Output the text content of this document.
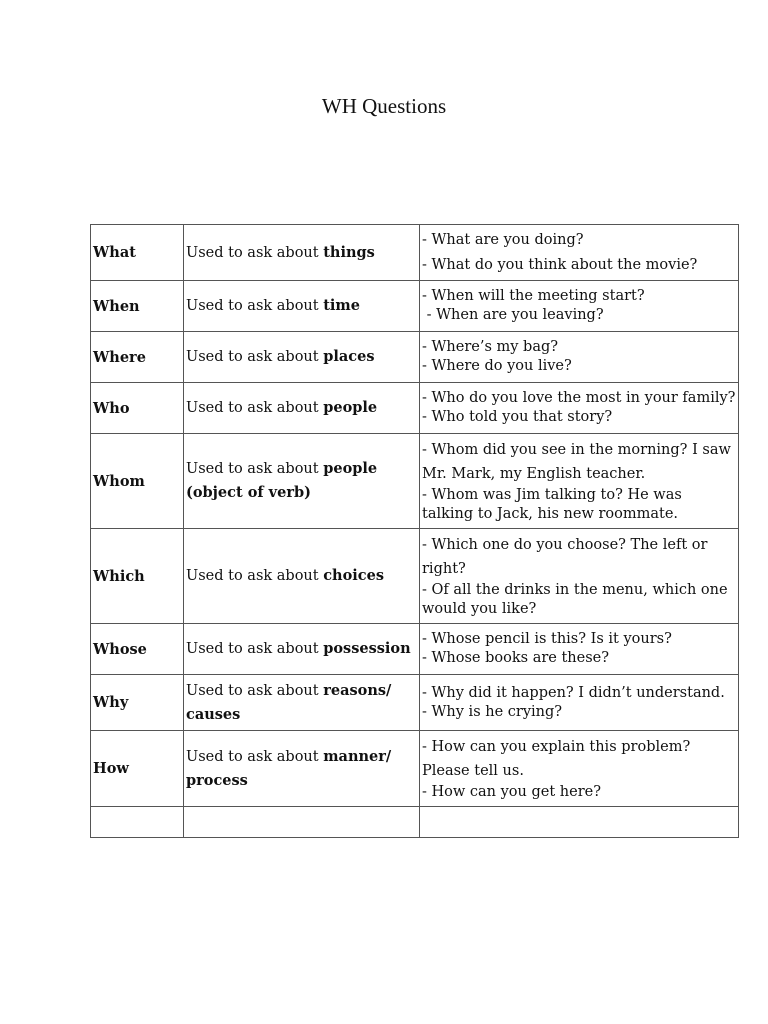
WH Questions
What	Used to ask about things	- What are you doing?
- What do you think about the movie?

When	Used to ask about time	- When will the meeting start?
- When are you leaving?

Where	Used to ask about places	- Where’s my bag?
- Where do you live?

Who	Used to ask about people	- Who do you love the most in your family?
- Who told you that story?

Whom	Used to ask about people (object of verb)	- Whom did you see in the morning? I saw Mr. Mark, my English teacher.
- Whom was Jim talking to? He was talking to Jack, his new roommate.

Which	Used to ask about choices	- Which one do you choose? The left or right?
- Of all the drinks in the menu, which one would you like?

Whose	Used to ask about possession	- Whose pencil is this? Is it yours?
- Whose books are these?

Why	Used to ask about reasons/ causes	- Why did it happen? I didn’t understand.
- Why is he crying?

How	Used to ask about manner/ process	- How can you explain this problem? Please tell us.
- How can you get here?
